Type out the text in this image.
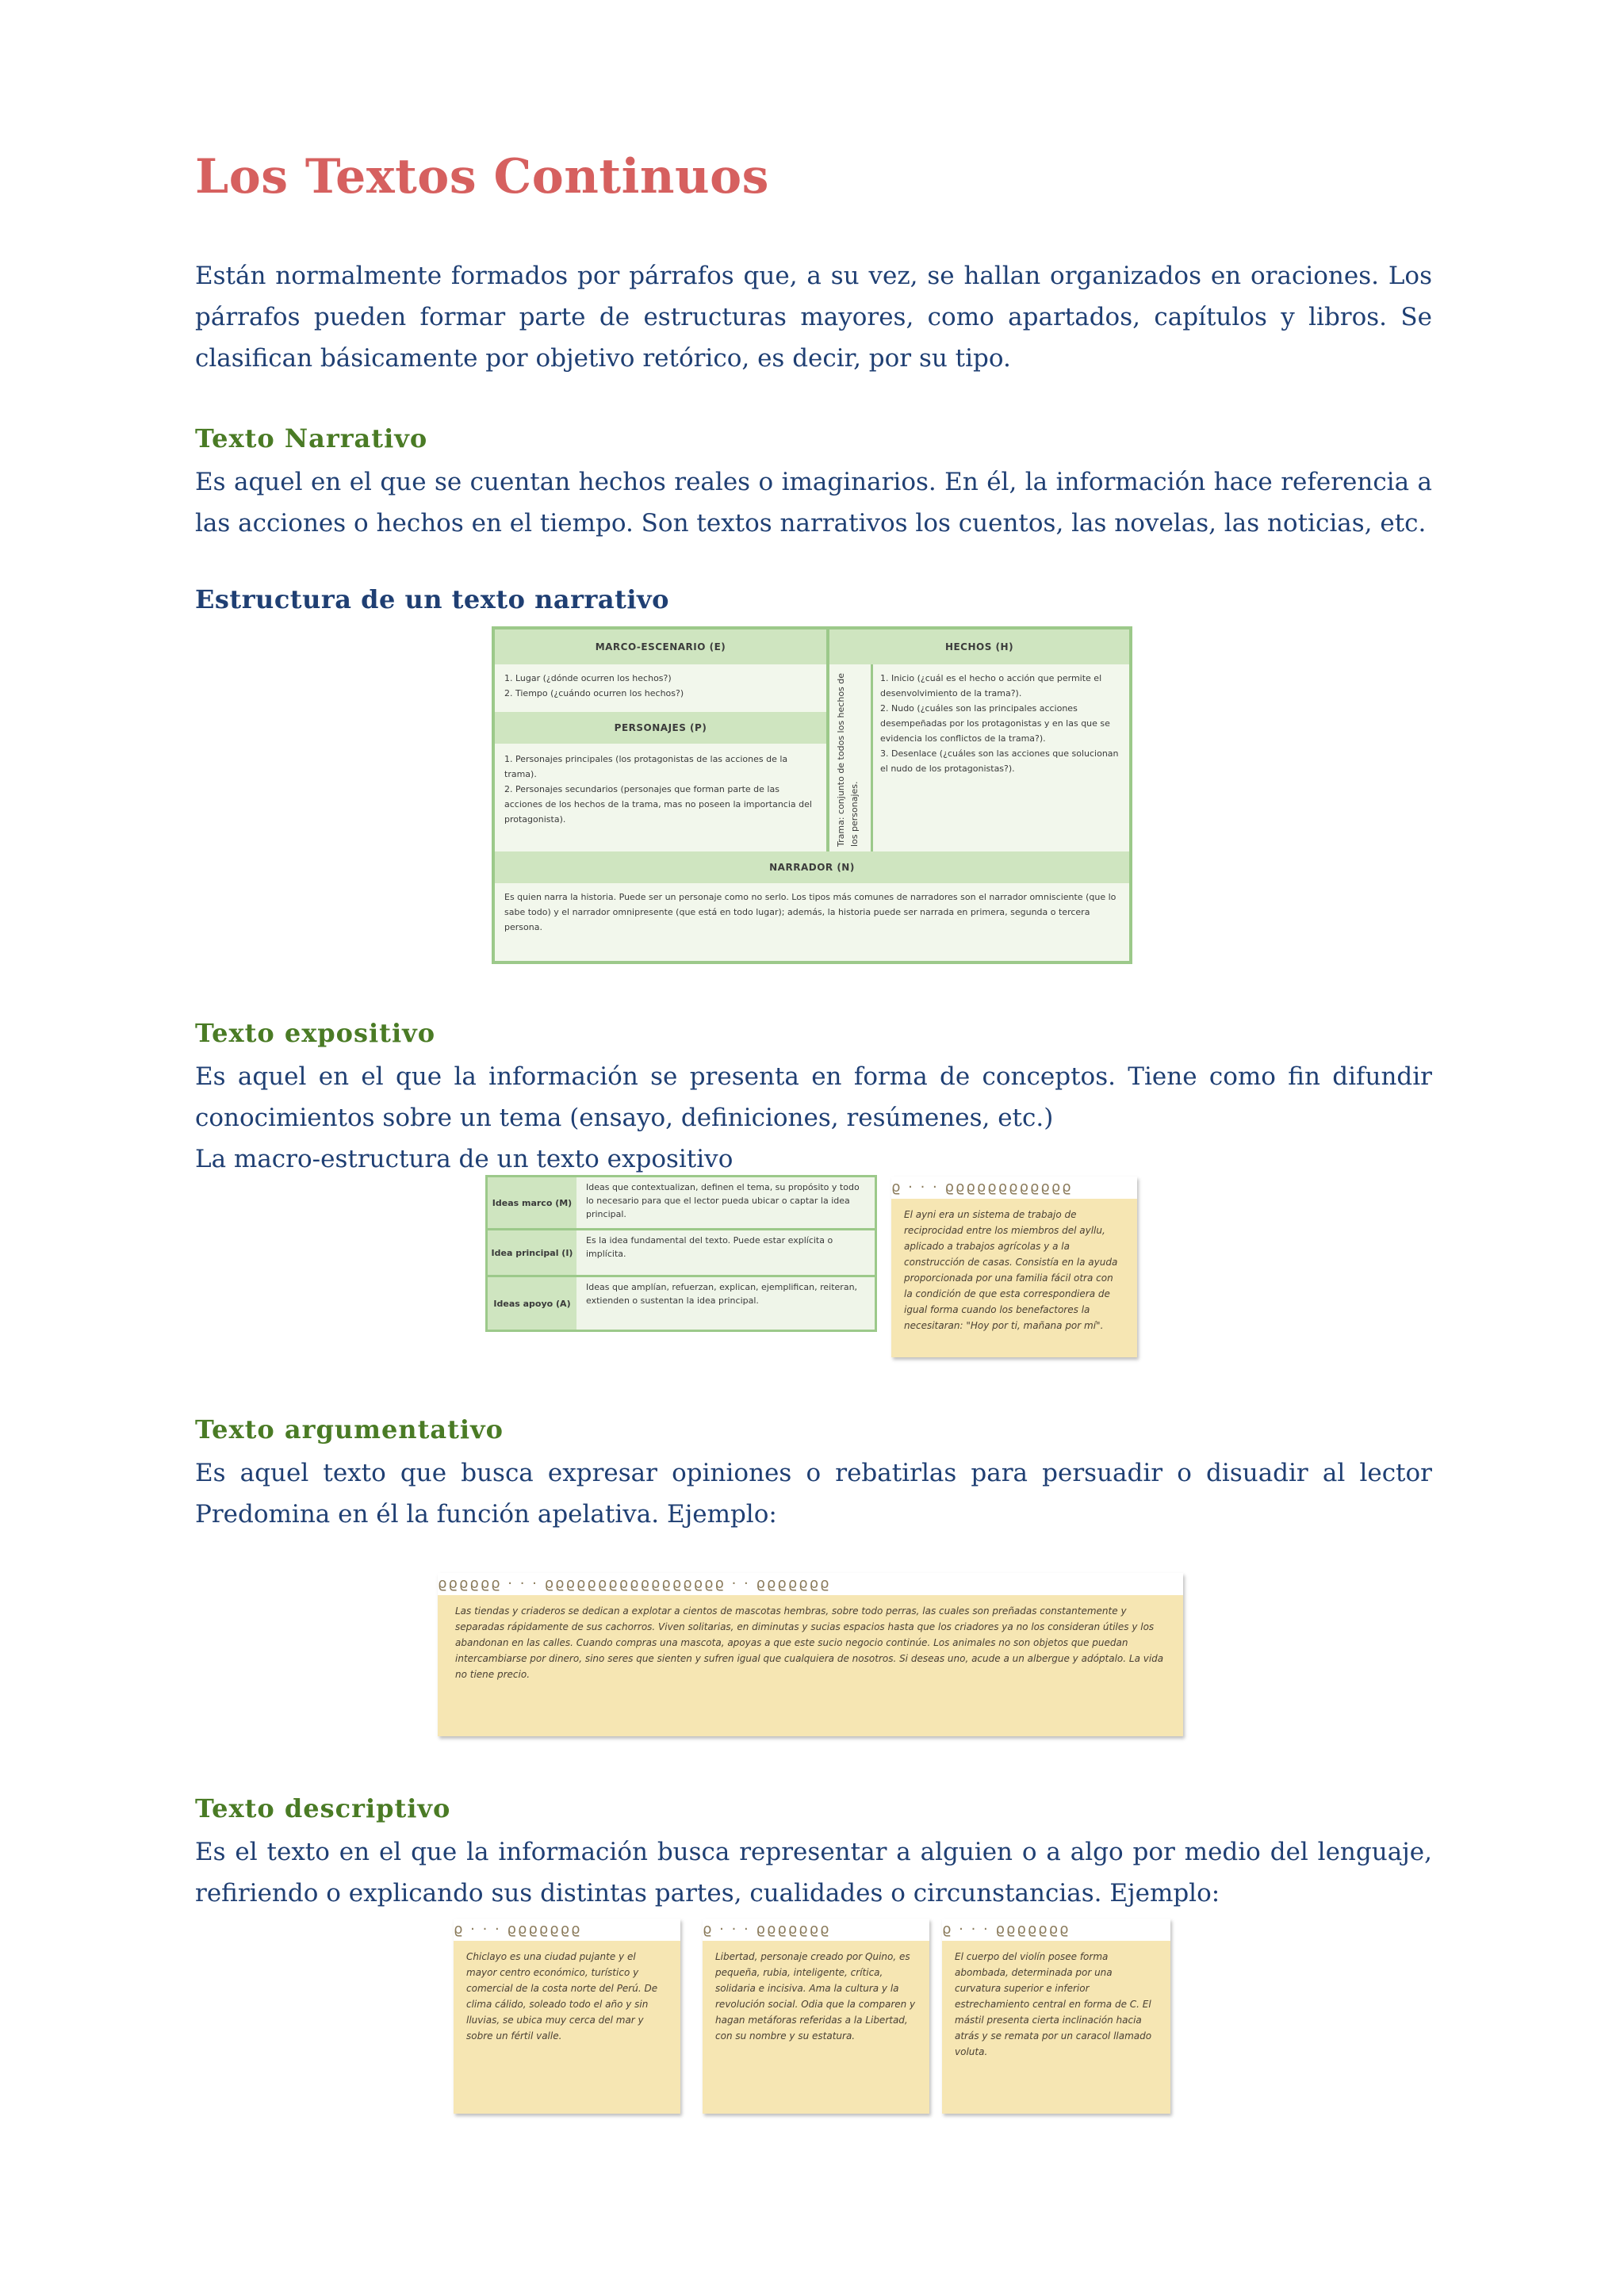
Los Textos Continuos

Están normalmente formados por párrafos que, a su vez, se hallan organizados en oraciones. Los párrafos pueden formar parte de estructuras mayores, como apartados, capítulos y libros. Se clasifican básicamente por objetivo retórico, es decir, por su tipo.

Texto Narrativo

Es aquel en el que se cuentan hechos reales o imaginarios. En él, la información hace referencia a las acciones o hechos en el tiempo. Son textos narrativos los cuentos, las novelas, las noticias, etc.

Estructura de un texto narrativo
MARCO-ESCENARIO (E)	HECHOS (H)
1. Lugar (¿dónde ocurren los hechos?)
2. Tiempo (¿cuándo ocurren los hechos?)
PERSONAJES (P)
1. Personajes principales (los protagonistas de las acciones de la trama).
2. Personajes secundarios (personajes que forman parte de las acciones de los hechos de la trama, mas no poseen la importancia del protagonista).	Trama: conjunto de todos los hechos de los personajes.
1. Inicio (¿cuál es el hecho o acción que permite el desenvolvimiento de la trama?).
2. Nudo (¿cuáles son las principales acciones desempeñadas por los protagonistas y en las que se evidencia los conflictos de la trama?).
3. Desenlace (¿cuáles son las acciones que solucionan el nudo de los protagonistas?).
NARRADOR (N)
Es quien narra la historia. Puede ser un personaje como no serlo. Los tipos más comunes de narradores son el narrador omnisciente (que lo sabe todo) y el narrador omnipresente (que está en todo lugar); además, la historia puede ser narrada en primera, segunda o tercera persona.
Texto expositivo

Es aquel en el que la información se presenta en forma de conceptos. Tiene como fin difundir conocimientos sobre un tema (ensayo, definiciones, resúmenes, etc.)

La macro-estructura de un texto expositivo

Ideas marco (M)
Ideas que contextualizan, definen el tema, su propósito y todo lo necesario para que el lector pueda ubicar o captar la idea principal.
Idea principal (I)
Es la idea fundamental del texto. Puede estar explícita o implícita.
Ideas apoyo (A)
Ideas que amplían, refuerzan, explican, ejemplifican, reiteran, extienden o sustentan la idea principal.
ϱ · · · ϱϱϱϱϱϱϱϱϱϱϱϱ
El ayni era un sistema de trabajo de reciprocidad entre los miembros del ayllu, aplicado a trabajos agrícolas y a la construcción de casas. Consistía en la ayuda proporcionada por una familia fácil otra con la condición de que esta correspondiera de igual forma cuando los benefactores la necesitaran: "Hoy por ti, mañana por mí".
Texto argumentativo

Es aquel texto que busca expresar opiniones o rebatirlas para persuadir o disuadir al lector Predomina en él la función apelativa. Ejemplo:

ϱϱϱϱϱϱ · · · ϱϱϱϱϱϱϱϱϱϱϱϱϱϱϱϱϱ · · ϱϱϱϱϱϱϱ
Las tiendas y criaderos se dedican a explotar a cientos de mascotas hembras, sobre todo perras, las cuales son preñadas constantemente y separadas rápidamente de sus cachorros. Viven solitarias, en diminutas y sucias espacios hasta que los criadores ya no los consideran útiles y los abandonan en las calles. Cuando compras una mascota, apoyas a que este sucio negocio continúe. Los animales no son objetos que puedan intercambiarse por dinero, sino seres que sienten y sufren igual que cualquiera de nosotros. Si deseas uno, acude a un albergue y adóptalo. La vida no tiene precio.
Texto descriptivo

Es el texto en el que la información busca representar a alguien o a algo por medio del lenguaje, refiriendo o explicando sus distintas partes, cualidades o circunstancias. Ejemplo:

ϱ · · · ϱϱϱϱϱϱϱ
Chiclayo es una ciudad pujante y el mayor centro económico, turístico y comercial de la costa norte del Perú. De clima cálido, soleado todo el año y sin lluvias, se ubica muy cerca del mar y sobre un fértil valle.
ϱ · · · ϱϱϱϱϱϱϱ
Libertad, personaje creado por Quino, es pequeña, rubia, inteligente, crítica, solidaria e incisiva. Ama la cultura y la revolución social. Odia que la comparen y hagan metáforas referidas a la Libertad, con su nombre y su estatura.
ϱ · · · ϱϱϱϱϱϱϱ
El cuerpo del violín posee forma abombada, determinada por una curvatura superior e inferior estrechamiento central en forma de C. El mástil presenta cierta inclinación hacia atrás y se remata por un caracol llamado voluta.
